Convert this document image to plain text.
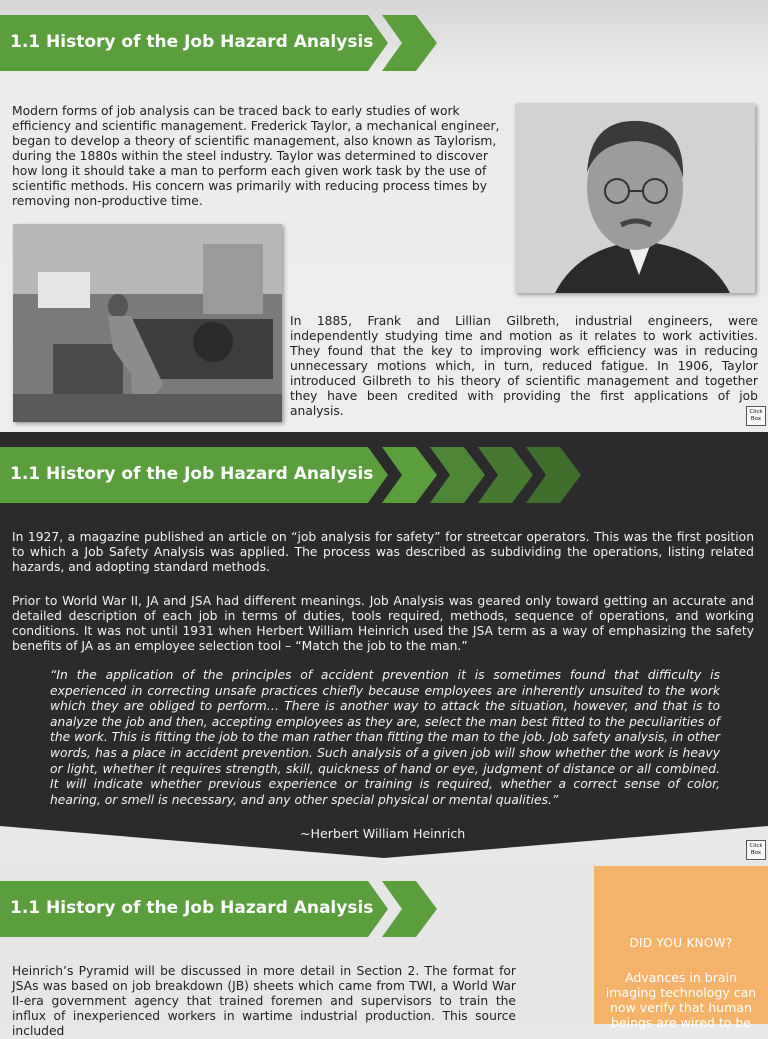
1.1 History of the Job Hazard Analysis
Modern forms of job analysis can be traced back to early studies of work efficiency and scientific management. Frederick Taylor, a mechanical engineer, began to develop a theory of scientific management, also known as Taylorism, during the 1880s within the steel industry. Taylor was determined to discover how long it should take a man to perform each given work task by the use of scientific methods. His concern was primarily with reducing process times by removing non-productive time.
In 1885, Frank and Lillian Gilbreth, industrial engineers, were independently studying time and motion as it relates to work activities. They found that the key to improving work efficiency was in reducing unnecessary motions which, in turn, reduced fatigue. In 1906, Taylor introduced Gilbreth to his theory of scientific management and together they have been credited with providing the first applications of job analysis.	Click Box
1.1 History of the Job Hazard Analysis
In 1927, a magazine published an article on “job analysis for safety” for streetcar operators. This was the first position to which a Job Safety Analysis was applied. The process was described as subdividing the operations, listing related hazards, and adopting standard methods.
Prior to World War II, JA and JSA had different meanings. Job Analysis was geared only toward getting an accurate and detailed description of each job in terms of duties, tools required, methods, sequence of operations, and working conditions. It was not until 1931 when Herbert William Heinrich used the JSA term as a way of emphasizing the safety benefits of JA as an employee selection tool – “Match the job to the man.”
“In the application of the principles of accident prevention it is sometimes found that difficulty is experienced in correcting unsafe practices chiefly because employees are inherently unsuited to the work which they are obliged to perform… There is another way to attack the situation, however, and that is to analyze the job and then, accepting employees as they are, select the man best fitted to the peculiarities of the work. This is fitting the job to the man rather than fitting the man to the job. Job safety analysis, in other words, has a place in accident prevention. Such analysis of a given job will show whether the work is heavy or light, whether it requires strength, skill, quickness of hand or eye, judgment of distance or all combined. It will indicate whether previous experience or training is required, whether a correct sense of color, hearing, or smell is necessary, and any other special physical or mental qualities.”
~Herbert William Heinrich
Click Box
1.1 History of the Job Hazard Analysis
Heinrich’s Pyramid will be discussed in more detail in Section 2. The format for JSAs was based on job breakdown (JB) sheets which came from TWI, a World War II-era government agency that trained foremen and supervisors to train the influx of inexperienced workers in wartime industrial production. This source included
DID YOU KNOW?
Advances in brain imaging technology can now verify that human beings are wired to be
